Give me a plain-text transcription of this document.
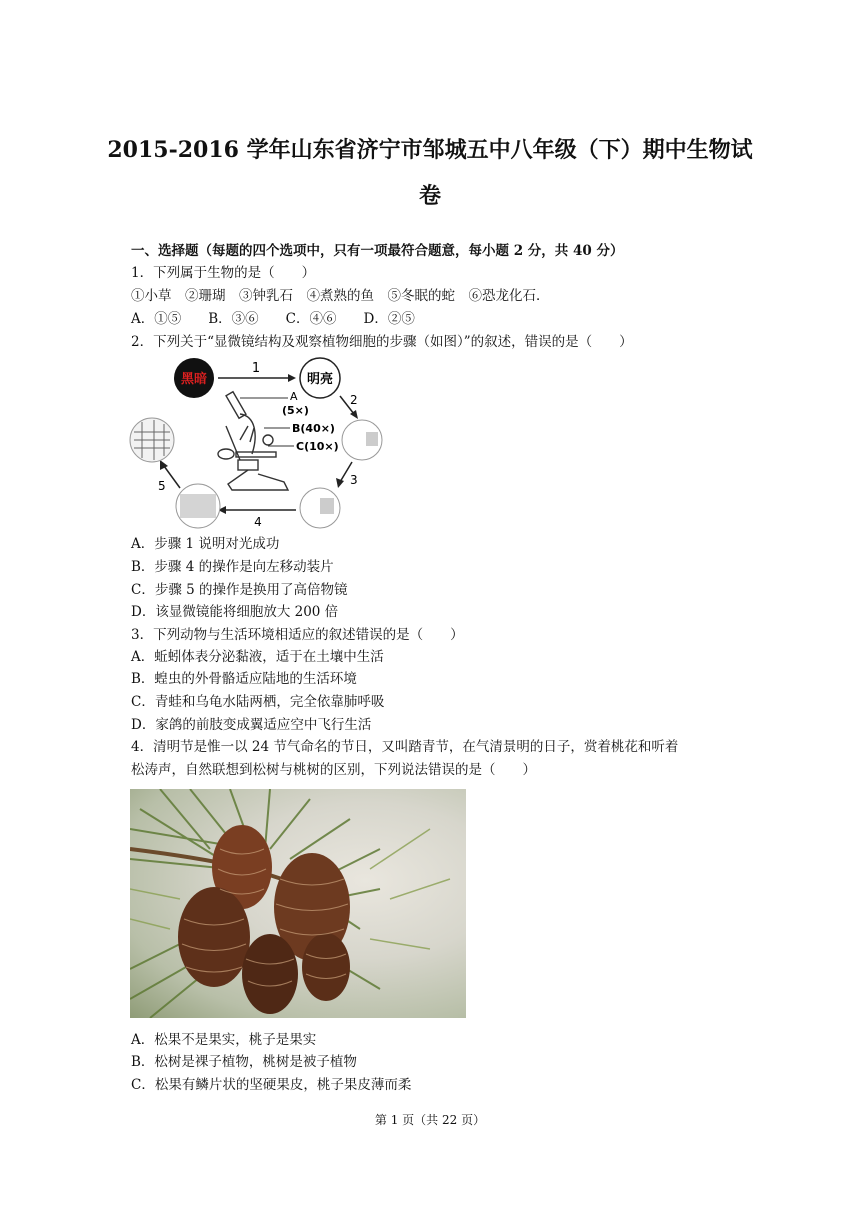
2015-2016 学年山东省济宁市邹城五中八年级（下）期中生物试
卷
一、选择题（每题的四个选项中，只有一项最符合题意，每小题 2 分，共 40 分）
1．下列属于生物的是（　　）
①小草　②珊瑚　③钟乳石　④煮熟的鱼　⑤冬眠的蛇　⑥恐龙化石．
A．①⑤　　B．③⑥　　C．④⑥　　D．②⑤
2．下列关于“显微镜结构及观察植物细胞的步骤（如图）”的叙述，错误的是（　　）
黑暗
1
明亮
2
3
4
5
A
(5×)
B(40×)
C(10×)
A．步骤 1 说明对光成功
B．步骤 4 的操作是向左移动装片
C．步骤 5 的操作是换用了高倍物镜
D．该显微镜能将细胞放大 200 倍
3．下列动物与生活环境相适应的叙述错误的是（　　）
A．蚯蚓体表分泌黏液，适于在土壤中生活
B．蝗虫的外骨骼适应陆地的生活环境
C．青蛙和乌龟水陆两栖，完全依靠肺呼吸
D．家鸽的前肢变成翼适应空中飞行生活
4．清明节是惟一以 24 节气命名的节日，又叫踏青节，在气清景明的日子，赏着桃花和听着
松涛声，自然联想到松树与桃树的区别，下列说法错误的是（　　）
A．松果不是果实，桃子是果实
B．松树是裸子植物，桃树是被子植物
C．松果有鳞片状的坚硬果皮，桃子果皮薄而柔
第 1 页（共 22 页）
